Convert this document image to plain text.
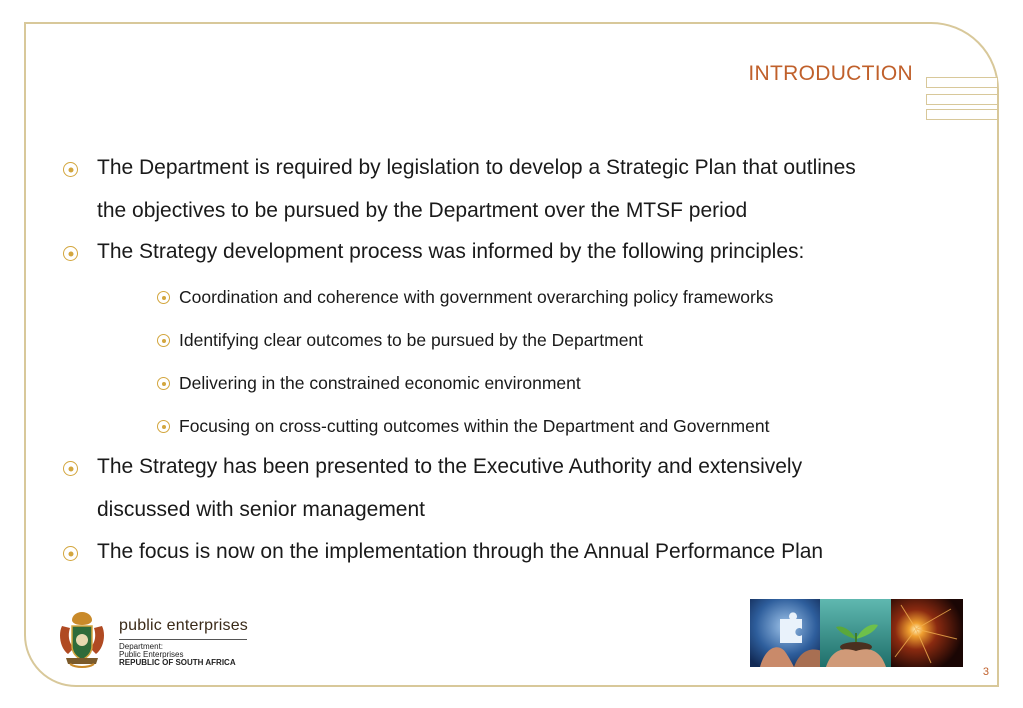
INTRODUCTION
The Department is required by legislation to develop a Strategic Plan that outlines
the objectives to be pursued by the Department over the MTSF period
The Strategy development process was informed by the following principles:
Coordination and coherence with government overarching policy frameworks
Identifying clear outcomes to be pursued by the Department
Delivering in the constrained economic environment
Focusing on cross-cutting outcomes within the Department and Government
The Strategy has been presented to the Executive Authority and extensively
discussed with senior management
The focus is now on the implementation through the Annual Performance Plan
public enterprises
Department:
Public Enterprises
REPUBLIC OF SOUTH AFRICA
3
